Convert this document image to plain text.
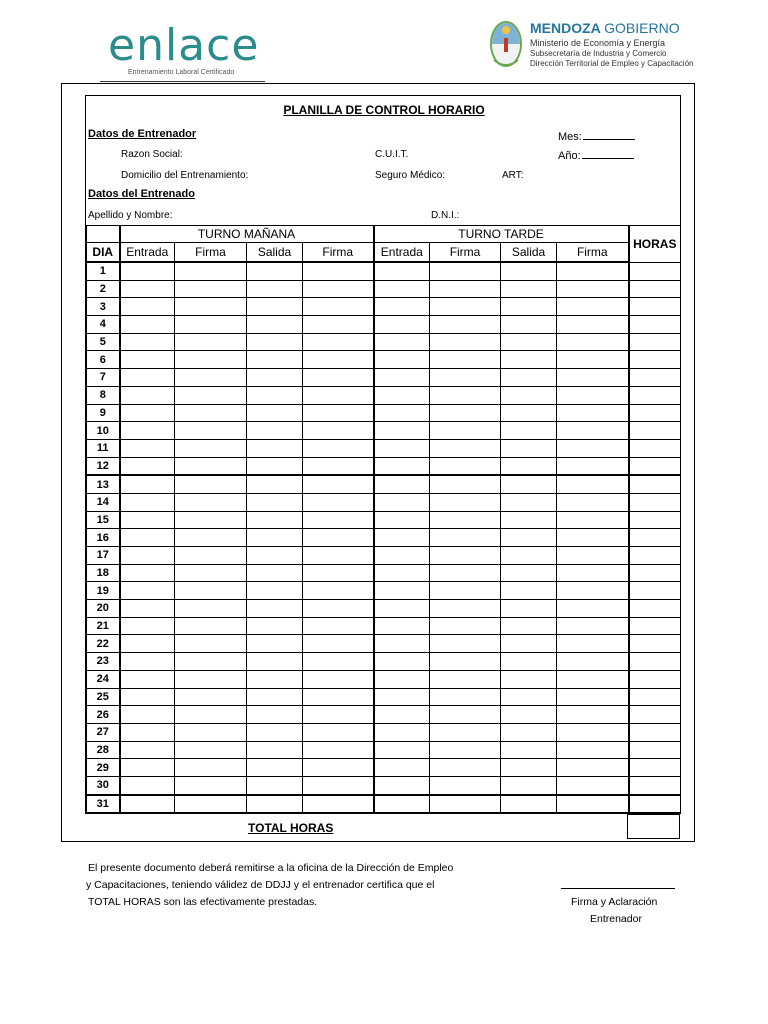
enlace
Entrenamiento Laboral Certificado
MENDOZA GOBIERNO
Ministerio de Economía y Energía
Subsecretaría de Industria y Comercio
Dirección Territorial de Empleo y Capacitación
PLANILLA DE CONTROL HORARIO
Datos de Entrenador	Mes:
Razon Social:	C.U.I.T.	Año:
Domicilio del Entrenamiento:	Seguro Médico:	ART:
Datos del Entrenado
Apellido y Nombre:	D.N.I.:
	TURNO MAÑANA				TURNO TARDE				HORAS
DIA	Entrada	Firma	Salida	Firma	Entrada	Firma	Salida	Firma	
1									
2									
3									
4									
5									
6									
7									
8									
9									
10									
11									
12									
13									
14									
15									
16									
17									
18									
19									
20									
21									
22									
23									
24									
25									
26									
27									
28									
29									
30									
31									
TOTAL HORAS
El presente documento deberá remitirse a la oficina de la Dirección de Empleo
y Capacitaciones, teniendo válidez de DDJJ y el entrenador certifica que el
TOTAL HORAS son las efectivamente prestadas.	Firma y Aclaración
Entrenador
